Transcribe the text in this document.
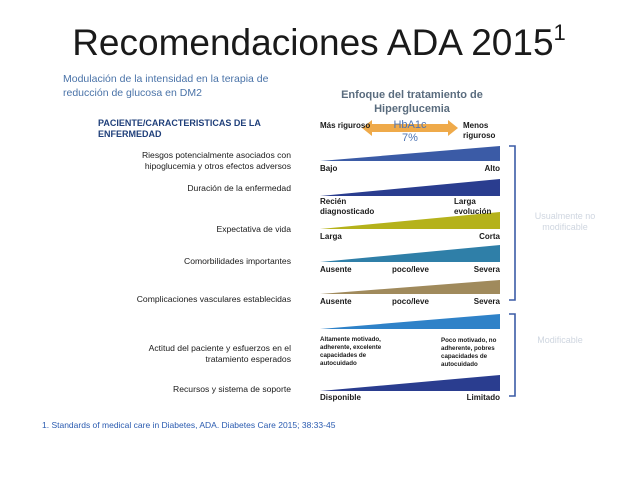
Recomendaciones ADA 2015$^1$
Modulación de la intensidad en la terapia de reducción de glucosa en DM2	Enfoque del tratamiento de Hiperglucemia
PACIENTE/CARACTERISTICAS DE LA ENFERMEDAD
Más riguroso	Menos riguroso
HbA1c 7%
Riesgos potencialmente asociados con hipoglucemia y otros efectos adversos
Duración de la enfermedad
Expectativa de vida
Comorbilidades importantes
Complicaciones vasculares establecidas
Actitud del paciente y esfuerzos en el tratamiento esperados
Recursos y sistema de soporte
Bajo	Alto
Recién diagnosticado
Larga evolución
Larga	Corta
Ausente	poco/leve	Severa
Ausente	poco/leve	Severa
Altamente motivado, adherente, excelente capacidades de autocuidado
Poco motivado, no adherente, pobres capacidades de autocuidado
Disponible	Limitado
Usualmente no modificable
Modificable
1. Standards of medical care in Diabetes, ADA. Diabetes Care 2015; 38:33-45
